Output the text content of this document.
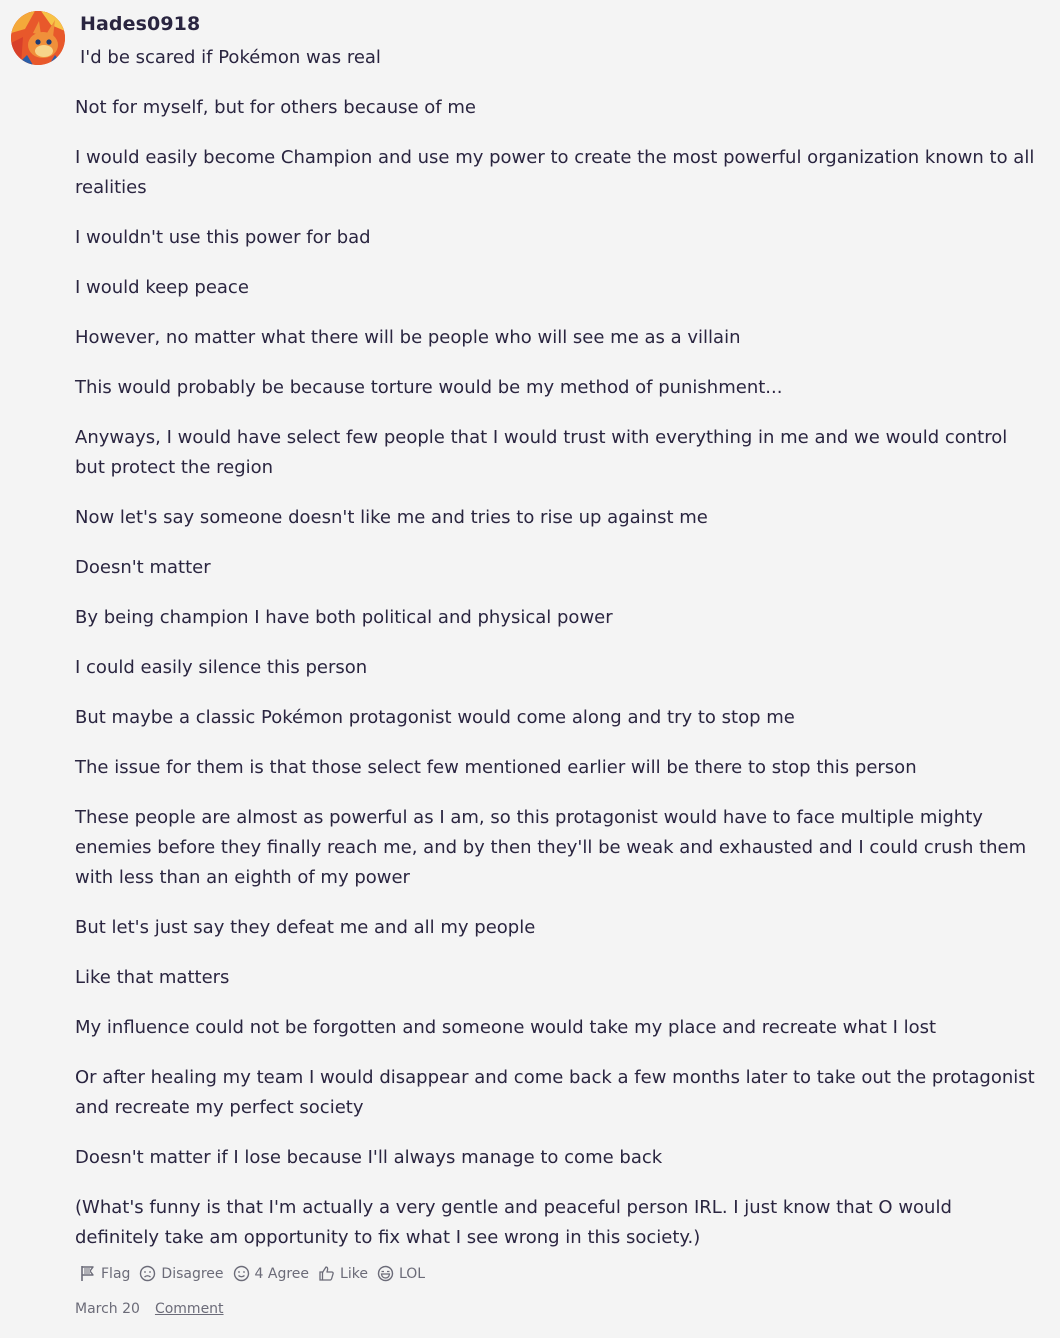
Hades0918
I'd be scared if Pokémon was real

Not for myself, but for others because of me

I would easily become Champion and use my power to create the most powerful organization known to all realities

I wouldn't use this power for bad

I would keep peace

However, no matter what there will be people who will see me as a villain

This would probably be because torture would be my method of punishment...

Anyways, I would have select few people that I would trust with everything in me and we would control but protect the region

Now let's say someone doesn't like me and tries to rise up against me

Doesn't matter

By being champion I have both political and physical power

I could easily silence this person

But maybe a classic Pokémon protagonist would come along and try to stop me

The issue for them is that those select few mentioned earlier will be there to stop this person

These people are almost as powerful as I am, so this protagonist would have to face multiple mighty enemies before they finally reach me, and by then they'll be weak and exhausted and I could crush them with less than an eighth of my power

But let's just say they defeat me and all my people

Like that matters

My influence could not be forgotten and someone would take my place and recreate what I lost

Or after healing my team I would disappear and come back a few months later to take out the protagonist and recreate my perfect society

Doesn't matter if I lose because I'll always manage to come back

(What's funny is that I'm actually a very gentle and peaceful person IRL. I just know that O would definitely take am opportunity to fix what I see wrong in this society.)

Flag Disagree 4 Agree Like LOL
March 20 Comment
